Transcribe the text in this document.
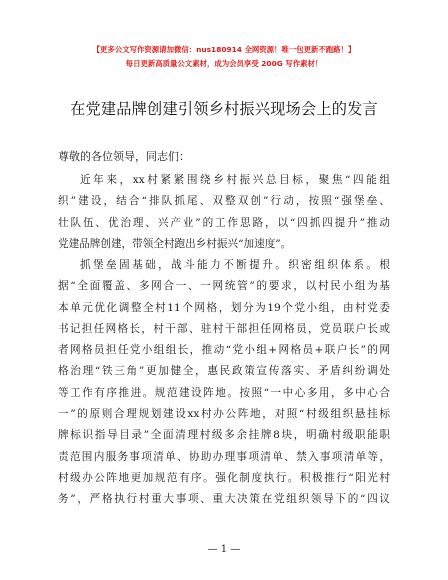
【更多公文写作资源请加微信：nus180914 全网资源！唯一包更新不跑路！】
每日更新高质量公文素材，成为会员享受 200G 写作素材！
在党建品牌创建引领乡村振兴现场会上的发言
尊敬的各位领导，同志们：
近年来，xx村紧紧围绕乡村振兴总目标，聚焦“四能组
织”建设，结合“排队抓尾、双整双创”行动，按照“强堡垒、
壮队伍、优治理、兴产业”的工作思路，以“四抓四提升”推动
党建品牌创建，带领全村跑出乡村振兴“加速度”。
抓堡垒固基础，战斗能力不断提升。织密组织体系。根
据“全面覆盖、多网合一、一网统管”的要求，以村民小组为基
本单元优化调整全村11个网格，划分为19个党小组，由村党委
书记担任网格长，村干部、驻村干部担任网格员，党员联户长或
者网格员担任党小组组长，推动“党小组+网格员+联户长”的网
格治理“铁三角”更加健全，惠民政策宣传落实、矛盾纠纷调处
等工作有序推进。规范建设阵地。按照“一中心多用，多中心合
一”的原则合理规划建设xx村办公阵地，对照“村级组织悬挂标
牌标识指导目录”全面清理村级多余挂牌8块，明确村级职能职
责范围内服务事项清单、协助办理事项清单、禁入事项清单等，
村级办公阵地更加规范有序。强化制度执行。积极推行“阳光村
务”，严格执行村重大事项、重大决策在党组织领导下的“四议
— 1 —
